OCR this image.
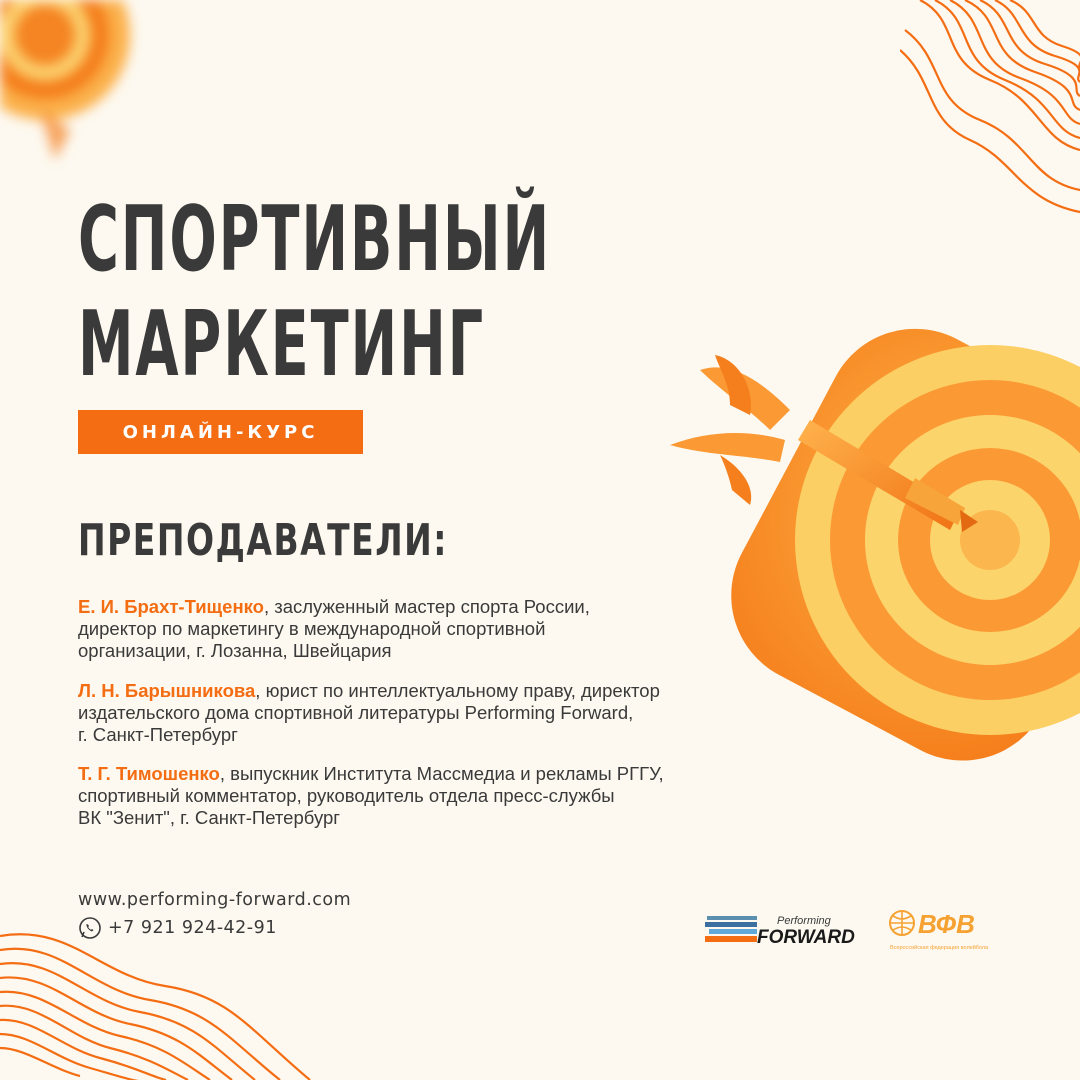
СПОРТИВНЫЙ
МАРКЕТИНГ
ОНЛАЙН-КУРС
ПРЕПОДАВАТЕЛИ:
Е. И. Брахт-Тищенко, заслуженный мастер спорта России,
директор по маркетингу в международной спортивной
организации, г. Лозанна, Швейцария
Л. Н. Барышникова, юрист по интеллектуальному праву, директор
издательского дома спортивной литературы Performing Forward,
г. Санкт-Петербург
Т. Г. Тимошенко, выпускник Института Массмедиа и рекламы РГГУ,
спортивный комментатор, руководитель отдела пресс-службы
ВК "Зенит", г. Санкт-Петербург
www.performing-forward.com
+7 921 924-42-91	Performing
FORWARD ВФВ
Всероссийская федерация волейбола
